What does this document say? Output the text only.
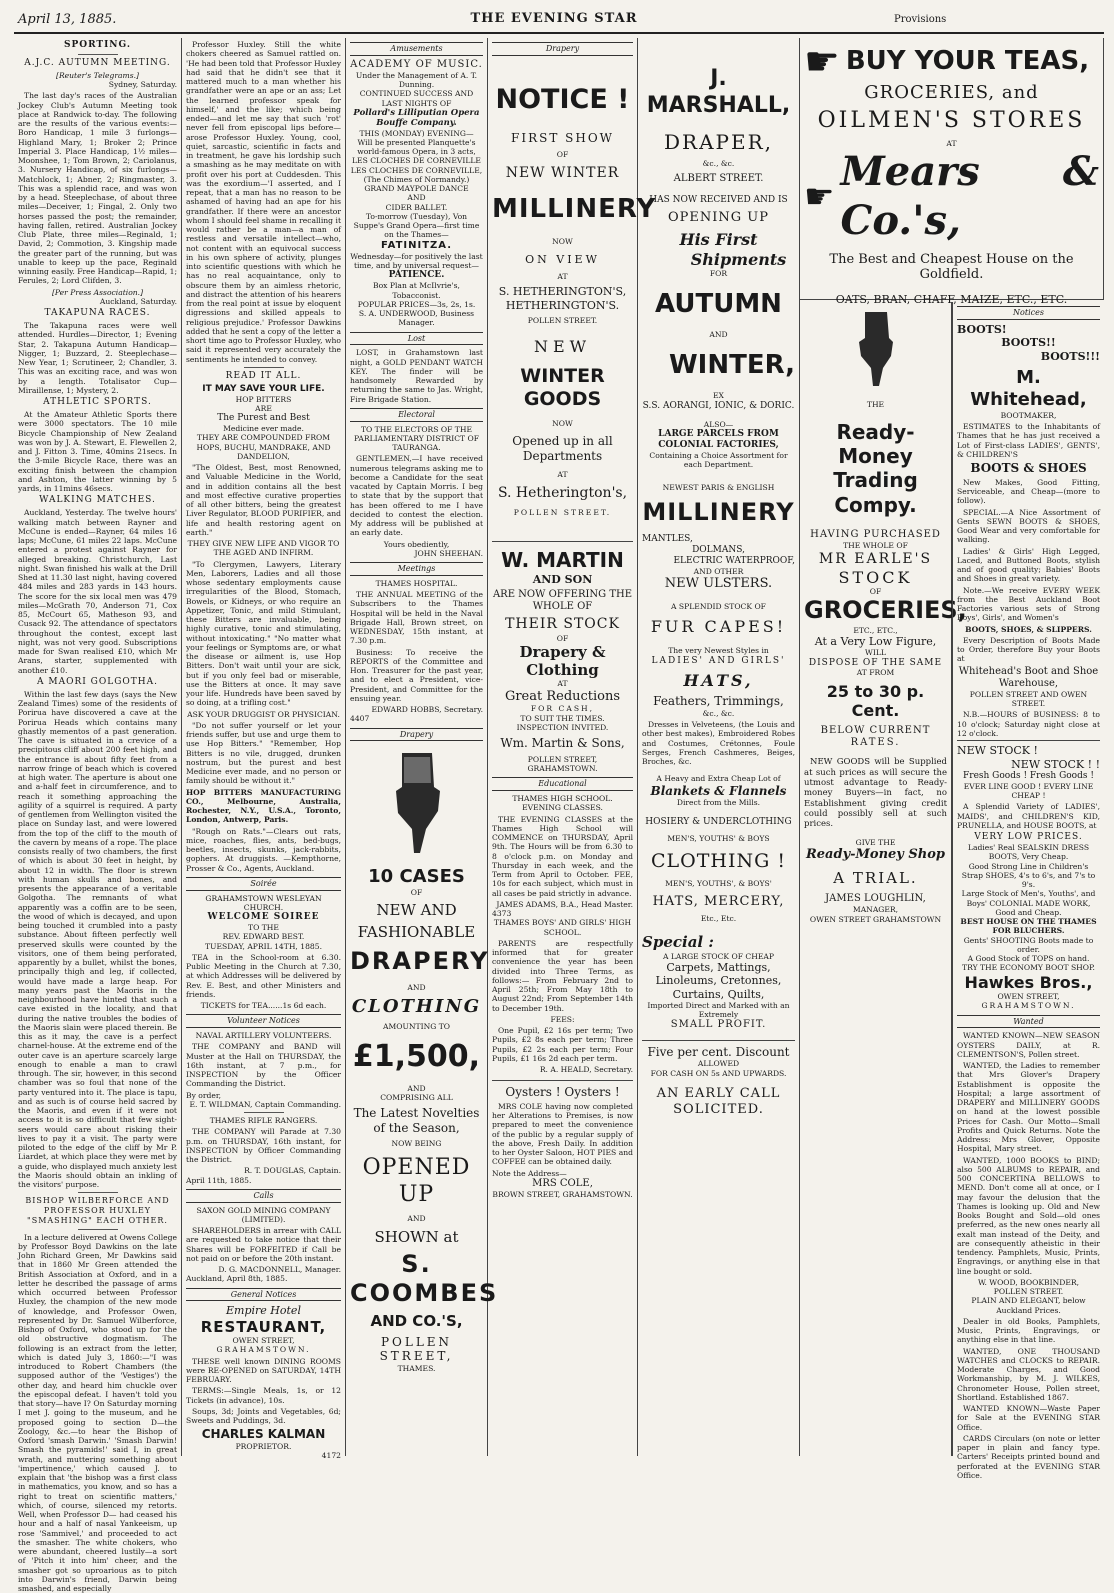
April 13, 1885.	THE EVENING STAR	Provisions
SPORTING.
A.J.C. AUTUMN MEETING.
[Reuter's Telegrams.]
Sydney, Saturday.
The last day's races of the Australian Jockey Club's Autumn Meeting took place at Randwick to-day. The following are the results of the various events:— Boro Handicap, 1 mile 3 furlongs—Highland Mary, 1; Broker 2; Prince Imperial 3. Place Handicap, 1½ miles—Moonshee, 1; Tom Brown, 2; Cariolanus, 3. Nursery Handicap, of six furlongs—Matchlock, 1; Abner, 2; Ringmaster, 3. This was a splendid race, and was won by a head. Steeplechase, of about three miles—Deceiver, 1; Fingal, 2. Only two horses passed the post; the remainder, having fallen, retired. Australian Jockey Club Plate, three miles—Reginald, 1; David, 2; Commotion, 3. Kingship made the greater part of the running, but was unable to keep up the pace, Reginald winning easily. Free Handicap—Rapid, 1; Ferules, 2; Lord Clifden, 3.
[Per Press Association.]
Auckland, Saturday.
TAKAPUNA RACES.
The Takapuna races were well attended. Hurdles—Director, 1; Evening Star, 2. Takapuna Autumn Handicap—Nigger, 1; Buzzard, 2. Steeplechase—New Year, 1; Scrutineer, 2; Chandler, 3. This was an exciting race, and was won by a length. Totalisator Cup—Miraillense, 1; Mystery, 2.
ATHLETIC SPORTS.
At the Amateur Athletic Sports there were 3000 spectators. The 10 mile Bicycle Championship of New Zealand was won by J. A. Stewart, E. Flewellen 2, and J. Fitton 3. Time, 40mins 21secs. In the 3-mile Bicycle Race, there was an exciting finish between the champion and Ashton, the latter winning by 5 yards, in 11mins 46secs.
WALKING MATCHES.
Auckland, Yesterday. The twelve hours' walking match between Rayner and McCune is ended—Rayner, 64 miles 16 laps; McCune, 61 miles 22 laps. McCune entered a protest against Rayner for alleged breaking. Christchurch, Last night. Swan finished his walk at the Drill Shed at 11.30 last night, having covered 484 miles and 283 yards in 143 hours. The score for the six local men was 479 miles—McGrath 70, Anderson 71, Cox 85, McCourt 65, Matheson 93, and Cusack 92. The attendance of spectators throughout the contest, except last night, was not very good. Subscriptions made for Swan realised £10, which Mr Arans, starter, supplemented with another £10.
A MAORI GOLGOTHA.
Within the last few days (says the New Zealand Times) some of the residents of Porirua have discovered a cave at the Porirua Heads which contains many ghastly mementos of a past generation. The cave is situated in a crevice of a precipitous cliff about 200 feet high, and the entrance is about fifty feet from a narrow fringe of beach which is covered at high water. The aperture is about one and a-half feet in circumference, and to reach it something approaching the agility of a squirrel is required. A party of gentlemen from Wellington visited the place on Sunday last, and were lowered from the top of the cliff to the mouth of the cavern by means of a rope. The place consists really of two chambers, the first of which is about 30 feet in height, by about 12 in width. The floor is strewn with human skulls and bones, and presents the appearance of a veritable Golgotha. The remnants of what apparently was a coffin are to be seen, the wood of which is decayed, and upon being touched it crumbled into a pasty substance. About fifteen perfectly well preserved skulls were counted by the visitors, one of them being perforated, apparently by a bullet, whilst the bones, principally thigh and leg, if collected, would have made a large heap. For many years past the Maoris in the neighbourhood have hinted that such a cave existed in the locality, and that during the native troubles the bodies of the Maoris slain were placed therein. Be this as it may, the cave is a perfect charnel-house. At the extreme end of the outer cave is an aperture scarcely large enough to enable a man to crawl through. The sir, however, in this second chamber was so foul that none of the party ventured into it. The place is tapu, and as such is of course held sacred by the Maoris, and even if it were not access to it is so difficult that few sight-seers would care about risking their lives to pay it a visit. The party were piloted to the edge of the cliff by Mr P. Liardet, at which place they were met by a guide, who displayed much anxiety lest the Maoris should obtain an inkling of the visitors' purpose.
BISHOP WILBERFORCE AND PROFESSOR HUXLEY "SMASHING" EACH OTHER.
In a lecture delivered at Owens College by Professor Boyd Dawkins on the late John Richard Green, Mr Dawkins said that in 1860 Mr Green attended the British Association at Oxford, and in a letter he described the passage of arms which occurred between Professor Huxley, the champion of the new mode of knowledge, and Professor Owen, represented by Dr. Samuel Wilberforce, Bishop of Oxford, who stood up for the old obstructive dogmatism. The following is an extract from the letter, which is dated July 3, 1860:—"I was introduced to Robert Chambers (the supposed author of the 'Vestiges') the other day, and heard him chuckle over the episcopal defeat. I haven't told you that story—have I? On Saturday morning I met J. going to the museum, and he proposed going to section D—the Zoology, &c.—to hear the Bishop of Oxford 'smash Darwin.' 'Smash Darwin! Smash the pyramids!' said I, in great wrath, and muttering something about 'impertinence,' which caused J. to explain that 'the bishop was a first class in mathematics, you know, and so has a right to treat on scientific matters,' which, of course, silenced my retorts. Well, when Professor D— had ceased his hour and a half of nasal Yankeeism, up rose 'Sammivel,' and proceeded to act the smasher. The white chokers, who were abundant, cheered lustily—a sort of 'Pitch it into him' cheer, and the smasher got so uproarious as to pitch into Darwin's friend, Darwin being smashed, and especially
Professor Huxley. Still the white chokers cheered as Samuel rattled on. 'He had been told that Professor Huxley had said that he didn't see that it mattered much to a man whether his grandfather were an ape or an ass; Let the learned professor speak for himself,' and the like; which being ended—and let me say that such 'rot' never fell from episcopal lips before—arose Professor Huxley. Young, cool, quiet, sarcastic, scientific in facts and in treatment, he gave his lordship such a smashing as he may meditate on with profit over his port at Cuddesden. This was the exordium—'I asserted, and I repeat, that a man has no reason to be ashamed of having had an ape for his grandfather. If there were an ancestor whom I should feel shame in recalling it would rather be a man—a man of restless and versatile intellect—who, not content with an equivocal success in his own sphere of activity, plunges into scientific questions with which he has no real acquaintance, only to obscure them by an aimless rhetoric, and distract the attention of his hearers from the real point at issue by eloquent digressions and skilled appeals to religious prejudice.' Professor Dawkins added that he sent a copy of the letter a short time ago to Professor Huxley, who said it represented very accurately the sentiments he intended to convey.
READ IT ALL.
IT MAY SAVE YOUR LIFE.
HOP BITTERS
ARE
The Purest and Best
Medicine ever made.
THEY ARE COMPOUNDED FROM
HOPS, BUCHU, MANDRAKE, AND DANDELION,
"The Oldest, Best, most Renowned, and Valuable Medicine in the World, and in addition contains all the best and most effective curative properties of all other bitters, being the greatest Liver Regulator, BLOOD PURIFIER, and life and health restoring agent on earth."
THEY GIVE NEW LIFE AND VIGOR TO THE AGED AND INFIRM.
"To Clergymen, Lawyers, Literary Men, Laborers, Ladies and all those whose sedentary employments cause irregularities of the Blood, Stomach, Bowels, or Kidneys, or who require an Appetizer, Tonic, and mild Stimulant, these Bitters are invaluable, being highly curative, tonic and stimulating, without intoxicating." "No matter what your feelings or Symptoms are, or what the disease or ailment is, use Hop Bitters. Don't wait until your are sick, but if you only feel bad or miserable, use the Bitters at once. It may save your life. Hundreds have been saved by so doing, at a trifling cost."
ASK YOUR DRUGGIST OR PHYSICIAN.
"Do not suffer yourself or let your friends suffer, but use and urge them to use Hop Bitters." "Remember, Hop Bitters is no vile, drugged, drunken nostrum, but the purest and best Medicine ever made, and no person or family should be without it."
HOP BITTERS MANUFACTURING CO., Melbourne, Australia, Rochester, N.Y., U.S.A., Toronto, London, Antwerp, Paris.
"Rough on Rats."—Clears out rats, mice, roaches, flies, ants, bed-bugs, beetles, insects, skunks, jack-rabbits, gophers. At druggists. —Kempthorne, Prosser & Co., Agents, Auckland.
Soirée
GRAHAMSTOWN WESLEYAN CHURCH.
WELCOME SOIREE
TO THE
REV. EDWARD BEST.
TUESDAY, APRIL 14TH, 1885.
TEA in the School-room at 6.30. Public Meeting in the Church at 7.30, at which Addresses will be delivered by Rev. E. Best, and other Ministers and friends.
TICKETS for TEA......1s 6d each.
Volunteer Notices
NAVAL ARTILLERY VOLUNTEERS.
THE COMPANY and BAND will Muster at the Hall on THURSDAY, the 16th instant, at 7 p.m., for INSPECTION by the Officer Commanding the District.
By order,
E. T. WILDMAN, Captain Commanding.
THAMES RIFLE RANGERS.
THE COMPANY will Parade at 7.30 p.m. on THURSDAY, 16th instant, for INSPECTION by Officer Commanding the District.
R. T. DOUGLAS, Captain.
April 11th, 1885.
Calls
SAXON GOLD MINING COMPANY (LIMITED).
SHAREHOLDERS in arrear with CALL are requested to take notice that their Shares will be FORFEITED if Call be not paid on or before the 20th instant.
D. G. MACDONNELL, Manager.
Auckland, April 8th, 1885.
General Notices
Empire Hotel
RESTAURANT,
OWEN STREET,
GRAHAMSTOWN.
THESE well known DINING ROOMS were RE-OPENED on SATURDAY, 14TH FEBRUARY.
TERMS:—Single Meals, 1s, or 12 Tickets (in advance), 10s.
Soups, 3d; Joints and Vegetables, 6d; Sweets and Puddings, 3d.
CHARLES KALMAN
PROPRIETOR.
4172
Amusements
ACADEMY OF MUSIC.
Under the Management of A. T. Dunning.
CONTINUED SUCCESS AND LAST NIGHTS OF
Pollard's Lilliputian Opera Bouffe Company.
THIS (MONDAY) EVENING—
Will be presented Planquette's world-famous Opera, in 3 acts,
LES CLOCHES DE CORNEVILLE LES CLOCHES DE CORNEVILLE,
(The Chimes of Normandy.)
GRAND MAYPOLE DANCE
AND
CIDER BALLET.
To-morrow (Tuesday), Von Suppe's Grand Opera—first time on the Thames—
FATINITZA.
Wednesday—for positively the last time, and by universal request—
PATIENCE.
Box Plan at McIlvrie's, Tobacconist.
POPULAR PRICES—3s, 2s, 1s.
S. A. UNDERWOOD, Business Manager.
Lost
LOST, in Grahamstown last night, a GOLD PENDANT WATCH KEY. The finder will be handsomely Rewarded by returning the same to Jas. Wright, Fire Brigade Station.
Electoral
TO THE ELECTORS OF THE PARLIAMENTARY DISTRICT OF TAURANGA.
GENTLEMEN,—I have received numerous telegrams asking me to become a Candidate for the seat vacated by Captain Morris. I beg to state that by the support that has been offered to me I have decided to contest the election. My address will be published at an early date.
Yours obediently,
JOHN SHEEHAN.
Meetings
THAMES HOSPITAL.
THE ANNUAL MEETING of the Subscribers to the Thames Hospital will be held in the Naval Brigade Hall, Brown street, on WEDNESDAY, 15th instant, at 7.30 p.m.
Business: To receive the REPORTS of the Committee and Hon. Treasurer for the past year, and to elect a President, vice-President, and Committee for the ensuing year.
EDWARD HOBBS, Secretary.
4407
Drapery
10 CASES
OF
NEW AND
FASHIONABLE
DRAPERY
AND
CLOTHING
AMOUNTING TO
£1,500,
AND
COMPRISING ALL
The Latest Novelties of the Season,
NOW BEING
OPENED UP
AND
SHOWN at
S. COOMBES
AND CO.'S,
POLLEN STREET,
THAMES.
Drapery
NOTICE !
FIRST SHOW
OF
NEW WINTER
MILLINERY
NOW
ON VIEW
AT
S. HETHERINGTON'S, HETHERINGTON'S.
POLLEN STREET.
NEW
WINTER GOODS
NOW
Opened up in all Departments
AT
S. Hetherington's,
POLLEN STREET.
W. MARTIN
AND SON
ARE NOW OFFERING THE WHOLE OF
THEIR STOCK
OF
Drapery & Clothing
AT
Great Reductions
FOR CASH,
TO SUIT THE TIMES.
INSPECTION INVITED.
Wm. Martin & Sons,
POLLEN STREET,
GRAHAMSTOWN.
Educational
THAMES HIGH SCHOOL.
EVENING CLASSES.
THE EVENING CLASSES at the Thames High School will COMMENCE on THURSDAY, April 9th. The Hours will be from 6.30 to 8 o'clock p.m. on Monday and Thursday in each week, and the Term from April to October. FEE, 10s for each subject, which must in all cases be paid strictly in advance.
JAMES ADAMS, B.A., Head Master.
4373
THAMES BOYS' AND GIRLS' HIGH SCHOOL.
PARENTS are respectfully informed that for greater convenience the year has been divided into Three Terms, as follows:— From February 2nd to April 25th; From May 18th to August 22nd; From September 14th to December 19th.
FEES:
One Pupil, £2 16s per term; Two Pupils, £2 8s each per term; Three Pupils, £2 2s each per term; Four Pupils, £1 16s 2d each per term.
R. A. HEALD, Secretary.
Oysters ! Oysters !
MRS COLE having now completed her Alterations to Premises, is now prepared to meet the convenience of the public by a regular supply of the above, Fresh Daily. In addition to her Oyster Saloon, HOT PIES and COFFEE can be obtained daily.
Note the Address—
MRS COLE,
BROWN STREET, GRAHAMSTOWN.
J. MARSHALL,
DRAPER,
&c., &c.
ALBERT STREET.
HAS NOW RECEIVED AND IS
OPENING UP
His First
Shipments
FOR
AUTUMN
AND
WINTER,
EX
S.S. AORANGI, IONIC, & DORIC.
ALSO—
LARGE PARCELS FROM COLONIAL FACTORIES,
Containing a Choice Assortment for each Department.
NEWEST PARIS & ENGLISH
MILLINERY
MANTLES,
DOLMANS,
ELECTRIC WATERPROOF,
AND OTHER
NEW ULSTERS.
A SPLENDID STOCK OF
FUR CAPES!
The very Newest Styles in
LADIES' AND GIRLS'
HATS,
Feathers, Trimmings,
&c., &c.
Dresses in Velveteens, (the Louis and other best makes), Embroidered Robes and Costumes, Crétonnes, Foule Serges, French Cashmeres, Beiges, Broches, &c.
A Heavy and Extra Cheap Lot of
Blankets & Flannels
Direct from the Mills.
HOSIERY & UNDERCLOTHING
MEN'S, YOUTHS' & BOYS
CLOTHING !
MEN'S, YOUTHS', & BOYS'
HATS, MERCERY,
Etc., Etc.
Special :
A LARGE STOCK OF CHEAP
Carpets, Mattings, Linoleums, Cretonnes, Curtains, Quilts,
Imported Direct and Marked with an Extremely
SMALL PROFIT.
Five per cent. Discount
ALLOWED
FOR CASH ON 5s AND UPWARDS.
AN EARLY CALL SOLICITED.
☛ BUY YOUR TEAS,
GROCERIES, and
OILMEN'S STORES
AT
☛
Mears & Co.'s,
The Best and Cheapest House on the Goldfield.
OATS, BRAN, CHAFF, MAIZE, ETC., ETC.
THE
Ready-Money
Trading Compy.
HAVING PURCHASED
THE WHOLE OF
MR EARLE'S
STOCK
OF
GROCERIES,
ETC., ETC.,
At a Very Low Figure,
WILL
DISPOSE OF THE SAME
AT FROM
25 to 30 p. Cent.
BELOW CURRENT
RATES.
NEW GOODS will be Supplied at such prices as will secure the utmost advantage to Ready-money Buyers—in fact, no Establishment giving credit could possibly sell at such prices.
GIVE THE
Ready-Money Shop
A TRIAL.
JAMES LOUGHLIN,
MANAGER,
OWEN STREET GRAHAMSTOWN
Notices
BOOTS!
BOOTS!!
BOOTS!!!
M. Whitehead,
BOOTMAKER,
ESTIMATES to the Inhabitants of Thames that he has just received a Lot of First-class LADIES', GENTS', & CHILDREN'S
BOOTS & SHOES
New Makes, Good Fitting, Serviceable, and Cheap—(more to follow).
SPECIAL.—A Nice Assortment of Gents SEWN BOOTS & SHOES, Good Wear and very comfortable for walking.
Ladies' & Girls' High Legged, Laced, and Buttoned Boots, stylish and of good quality; Babies' Boots and Shoes in great variety.
Note.—We receive EVERY WEEK from the Best Auckland Boot Factories various sets of Strong Boys', Girls', and Women's
BOOTS, SHOES, & SLIPPERS.
Every Description of Boots Made to Order, therefore Buy your Boots at
Whitehead's Boot and Shoe Warehouse,
POLLEN STREET AND OWEN STREET.
N.B.—HOURS of BUSINESS: 8 to 10 o'clock; Saturday night close at 12 o'clock.
NEW STOCK !
NEW STOCK ! !
Fresh Goods ! Fresh Goods !
EVER LINE GOOD ! EVERY LINE CHEAP !
A Splendid Variety of LADIES', MAIDS', and CHILDREN'S KID, PRUNELLA, and HOUSE BOOTS, at
VERY LOW PRICES.
Ladies' Real SEALSKIN DRESS BOOTS, Very Cheap.
Good Strong Line in Children's Strap SHOES, 4's to 6's, and 7's to 9's.
Large Stock of Men's, Youths', and Boys' COLONIAL MADE WORK, Good and Cheap.
BEST HOUSE ON THE THAMES FOR BLUCHERS.
Gents' SHOOTING Boots made to order.
A Good Stock of TOPS on hand.
TRY THE ECONOMY BOOT SHOP.
Hawkes Bros.,
OWEN STREET,
GRAHAMSTOWN.
Wanted
WANTED KNOWN—NEW SEASON OYSTERS DAILY, at R. CLEMENTSON'S, Pollen street.
WANTED, the Ladies to remember that Mrs Glover's Drapery Establishment is opposite the Hospital; a large assortment of DRAPERY and MILLINERY GOODS on hand at the lowest possible Prices for Cash. Our Motto—Small Profits and Quick Returns. Note the Address: Mrs Glover, Opposite Hospital, Mary street.
WANTED, 1000 BOOKS to BIND; also 500 ALBUMS to REPAIR, and 500 CONCERTINA BELLOWS to MEND. Don't come all at once, or I may favour the delusion that the Thames is looking up. Old and New Books Bought and Sold—old ones preferred, as the new ones nearly all exalt man instead of the Deity, and are consequently atheistic in their tendency. Pamphlets, Music, Prints, Engravings, or anything else in that line bought or sold.
W. WOOD, BOOKBINDER,
POLLEN STREET.
PLAIN AND ELEGANT, below Auckland Prices.
Dealer in old Books, Pamphlets, Music, Prints, Engravings, or anything else in that line.
WANTED, ONE THOUSAND WATCHES and CLOCKS to REPAIR. Moderate Charges, and Good Workmanship, by M. J. WILKES, Chronometer House, Pollen street, Shortland. Established 1867.
WANTED KNOWN—Waste Paper for Sale at the EVENING STAR Office.
CARDS Circulars (on note or letter paper in plain and fancy type. Carters' Receipts printed bound and perforated at the EVENING STAR Office.
